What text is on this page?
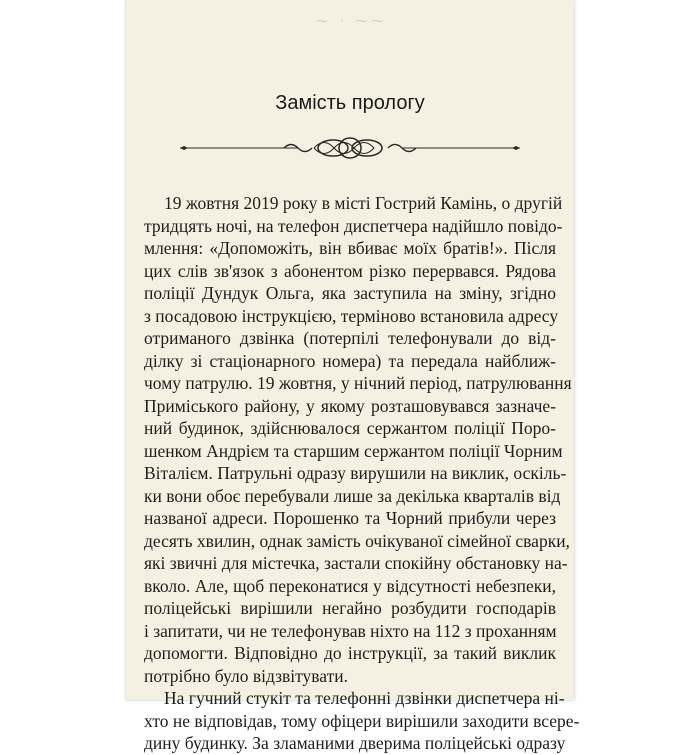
⁓ · ⁓⁓
Замість прологу
19 жовтня 2019 року в місті Гострий Камінь, о другій
тридцять ночі, на телефон диспетчера надійшло повідо-
млення: «Допоможіть, він вбиває моїх братів!». Після
цих слів зв'язок з абонентом різко перервався. Рядова
поліції Дундук Ольга, яка заступила на зміну, згідно
з посадовою інструкцією, терміново встановила адресу
отриманого дзвінка (потерпілі телефонували до від-
ділку зі стаціонарного номера) та передала найближ-
чому патрулю. 19 жовтня, у нічний період, патрулювання
Приміського району, у якому розташовувався зазначе-
ний будинок, здійснювалося сержантом поліції Поро-
шенком Андрієм та старшим сержантом поліції Чорним
Віталієм. Патрульні одразу вирушили на виклик, оскіль-
ки вони обоє перебували лише за декілька кварталів від
названої адреси. Порошенко та Чорний прибули через
десять хвилин, однак замість очікуваної сімейної сварки,
які звичні для містечка, застали спокійну обстановку на-
вколо. Але, щоб переконатися у відсутності небезпеки,
поліцейські вирішили негайно розбудити господарів
і запитати, чи не телефонував ніхто на 112 з проханням
допомогти. Відповідно до інструкції, за такий виклик
потрібно було відзвітувати.
На гучний стукіт та телефонні дзвінки диспетчера ні-
хто не відповідав, тому офіцери вирішили заходити всере-
дину будинку. За зламаними дверима поліцейські одразу
